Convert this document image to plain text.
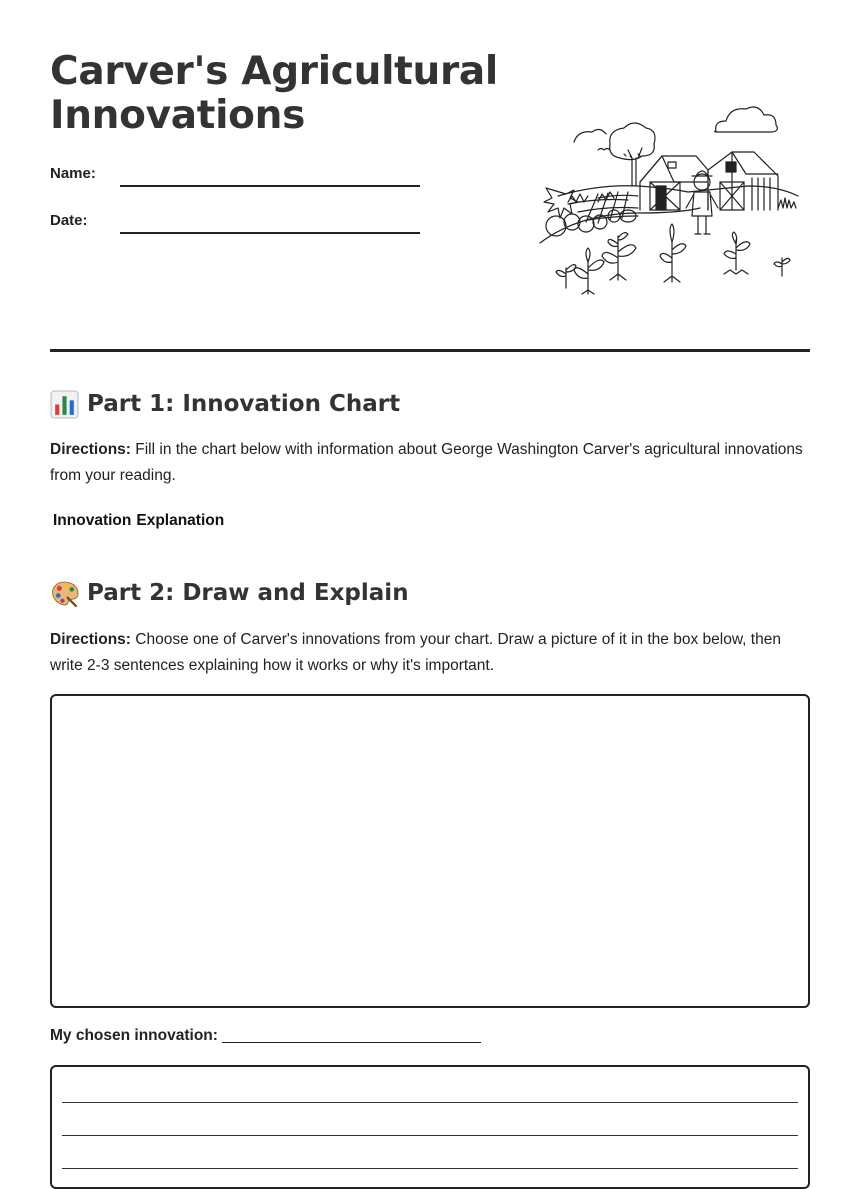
Carver's Agricultural
Innovations
Name:
Date:
Part 1: Innovation Chart
Directions: Fill in the chart below with information about George Washington Carver's agricultural innovations from your reading.
Innovation Explanation
Part 2: Draw and Explain
Directions: Choose one of Carver's innovations from your chart. Draw a picture of it in the box below, then write 2-3 sentences explaining how it works or why it's important.
My chosen innovation: ______________________________
